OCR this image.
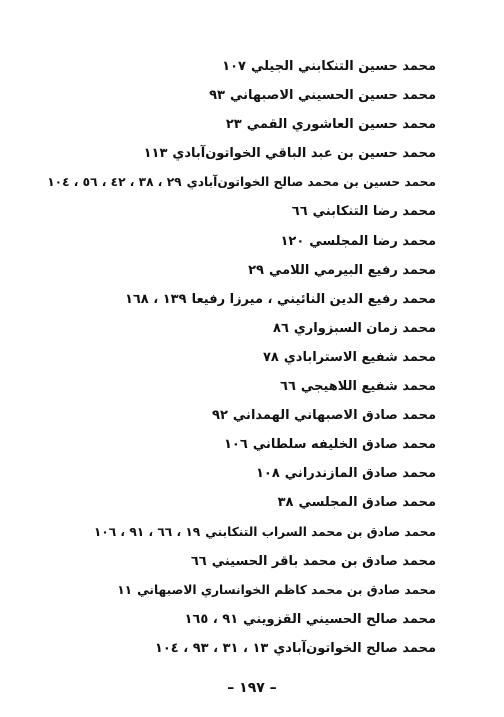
محمد حسين التنكابني الجيلي١٠٧
محمد حسين الحسيني الاصبهاني٩٣
محمد حسين العاشوري القمي٢٣
محمد حسين بن عبد الباقي الخواتون‌آبادي١١٣
محمد حسين بن محمد صالح الخواتون‌آبادي٢٩ ، ٣٨ ، ٤٢ ، ٥٦ ، ١٠٤
محمد رضا التنكابني٦٦
محمد رضا المجلسي١٢٠
محمد رفيع البيرمي اللامي٢٩
محمد رفيع الدين النائيني ، ميرزا رفيعا١٣٩ ، ١٦٨
محمد زمان السبزواري٨٦
محمد شفيع الاسترابادي٧٨
محمد شفيع اللاهيجي٦٦
محمد صادق الاصبهاني الهمداني٩٢
محمد صادق الخليفه سلطاني١٠٦
محمد صادق المازندراني١٠٨
محمد صادق المجلسي٣٨
محمد صادق بن محمد السراب التنكابني١٩ ، ٦٦ ، ٩١ ، ١٠٦
محمد صادق بن محمد باقر الحسيني٦٦
محمد صادق بن محمد كاظم الخوانساري الاصبهاني١١
محمد صالح الحسيني القزويني٩١ ، ١٦٥
محمد صالح الخواتون‌آبادي١٣ ، ٣١ ، ٩٣ ، ١٠٤
– ١٩٧ –
